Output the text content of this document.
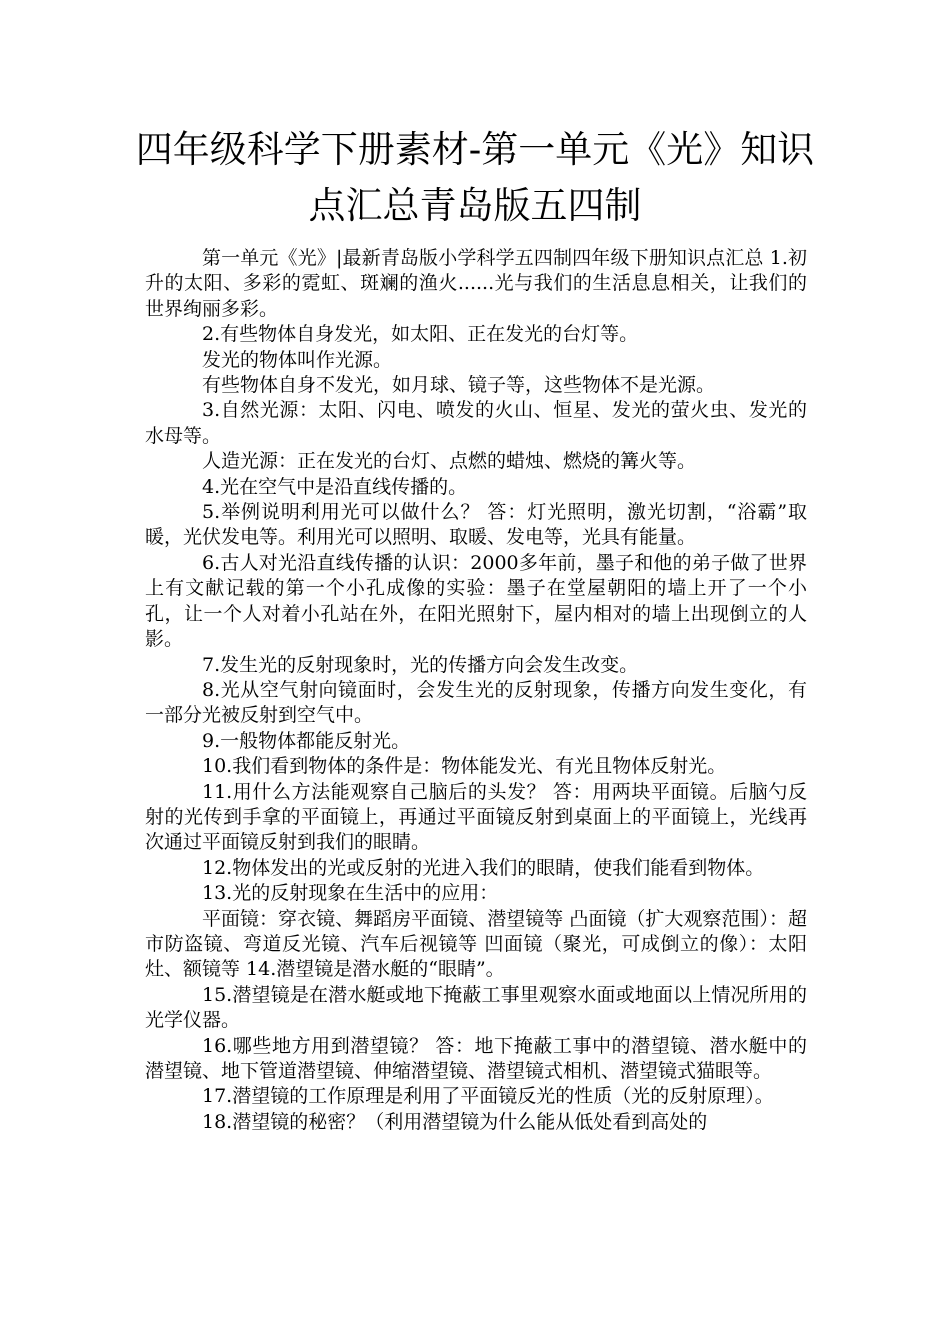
四年级科学下册素材-第一单元《光》知识
点汇总青岛版五四制

第一单元《光》|最新青岛版小学科学五四制四年级下册知识点汇总 1.初升的太阳、多彩的霓虹、斑斓的渔火......光与我们的生活息息相关，让我们的世界绚丽多彩。

2.有些物体自身发光，如太阳、正在发光的台灯等。

发光的物体叫作光源。

有些物体自身不发光，如月球、镜子等，这些物体不是光源。

3.自然光源：太阳、闪电、喷发的火山、恒星、发光的萤火虫、发光的水母等。

人造光源：正在发光的台灯、点燃的蜡烛、燃烧的篝火等。

4.光在空气中是沿直线传播的。

5.举例说明利用光可以做什么？ 答：灯光照明，激光切割，“浴霸”取暖，光伏发电等。利用光可以照明、取暖、发电等，光具有能量。

6.古人对光沿直线传播的认识：2000多年前，墨子和他的弟子做了世界上有文献记载的第一个小孔成像的实验：墨子在堂屋朝阳的墙上开了一个小孔，让一个人对着小孔站在外，在阳光照射下，屋内相对的墙上出现倒立的人影。

7.发生光的反射现象时，光的传播方向会发生改变。

8.光从空气射向镜面时，会发生光的反射现象，传播方向发生变化，有一部分光被反射到空气中。

9.一般物体都能反射光。

10.我们看到物体的条件是：物体能发光、有光且物体反射光。

11.用什么方法能观察自己脑后的头发？ 答：用两块平面镜。后脑勺反射的光传到手拿的平面镜上，再通过平面镜反射到桌面上的平面镜上，光线再次通过平面镜反射到我们的眼睛。

12.物体发出的光或反射的光进入我们的眼睛，使我们能看到物体。

13.光的反射现象在生活中的应用：

平面镜：穿衣镜、舞蹈房平面镜、潜望镜等 凸面镜（扩大观察范围）：超市防盗镜、弯道反光镜、汽车后视镜等 凹面镜（聚光，可成倒立的像）：太阳灶、额镜等 14.潜望镜是潜水艇的“眼睛”。

15.潜望镜是在潜水艇或地下掩蔽工事里观察水面或地面以上情况所用的光学仪器。

16.哪些地方用到潜望镜？ 答：地下掩蔽工事中的潜望镜、潜水艇中的潜望镜、地下管道潜望镜、伸缩潜望镜、潜望镜式相机、潜望镜式猫眼等。

17.潜望镜的工作原理是利用了平面镜反光的性质（光的反射原理）。

18.潜望镜的秘密？（利用潜望镜为什么能从低处看到高处的
